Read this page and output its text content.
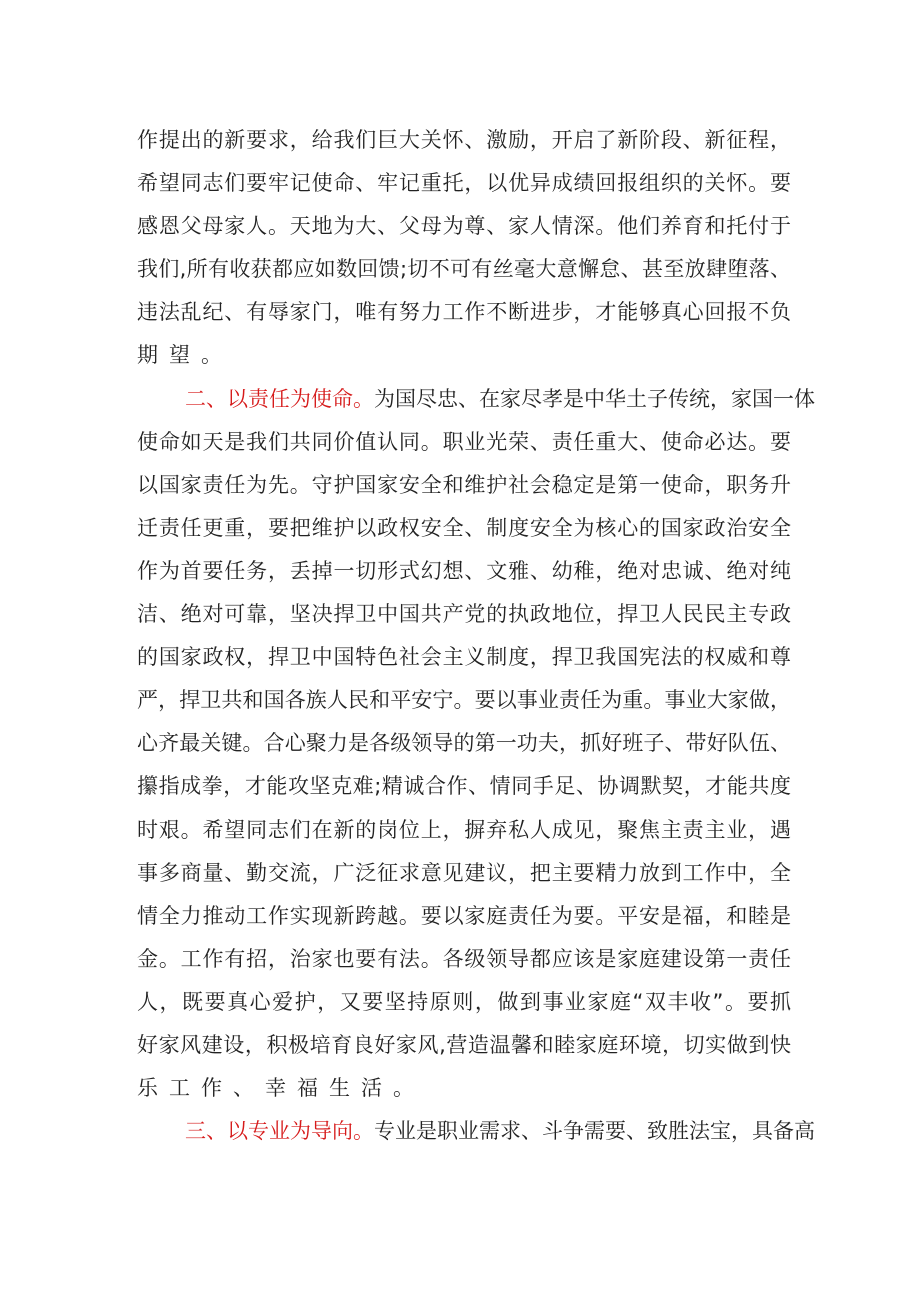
作提出的新要求，给我们巨大关怀、激励，开启了新阶段、新征程，
希望同志们要牢记使命、牢记重托，以优异成绩回报组织的关怀。要
感恩父母家人。天地为大、父母为尊、家人情深。他们养育和托付于
我们,所有收获都应如数回馈;切不可有丝毫大意懈怠、甚至放肆堕落、
违法乱纪、有辱家门，唯有努力工作不断进步，才能够真心回报不负
期望。
二、以责任为使命。为国尽忠、在家尽孝是中华土子传统，家国一体
使命如天是我们共同价值认同。职业光荣、责任重大、使命必达。要
以国家责任为先。守护国家安全和维护社会稳定是第一使命，职务升
迁责任更重，要把维护以政权安全、制度安全为核心的国家政治安全
作为首要任务，丢掉一切形式幻想、文雅、幼稚，绝对忠诚、绝对纯
洁、绝对可靠，坚决捍卫中国共产党的执政地位，捍卫人民民主专政
的国家政权，捍卫中国特色社会主义制度，捍卫我国宪法的权威和尊
严，捍卫共和国各族人民和平安宁。要以事业责任为重。事业大家做，
心齐最关键。合心聚力是各级领导的第一功夫，抓好班子、带好队伍、
攥指成拳，才能攻坚克难;精诚合作、情同手足、协调默契，才能共度
时艰。希望同志们在新的岗位上，摒弃私人成见，聚焦主责主业，遇
事多商量、勤交流，广泛征求意见建议，把主要精力放到工作中，全
情全力推动工作实现新跨越。要以家庭责任为要。平安是福，和睦是
金。工作有招，治家也要有法。各级领导都应该是家庭建设第一责任
人，既要真心爱护，又要坚持原则，做到事业家庭“双丰收”。要抓
好家风建设，积极培育良好家风,营造温馨和睦家庭环境，切实做到快
乐工作、幸福生活。
三、以专业为导向。专业是职业需求、斗争需要、致胜法宝，具备高
